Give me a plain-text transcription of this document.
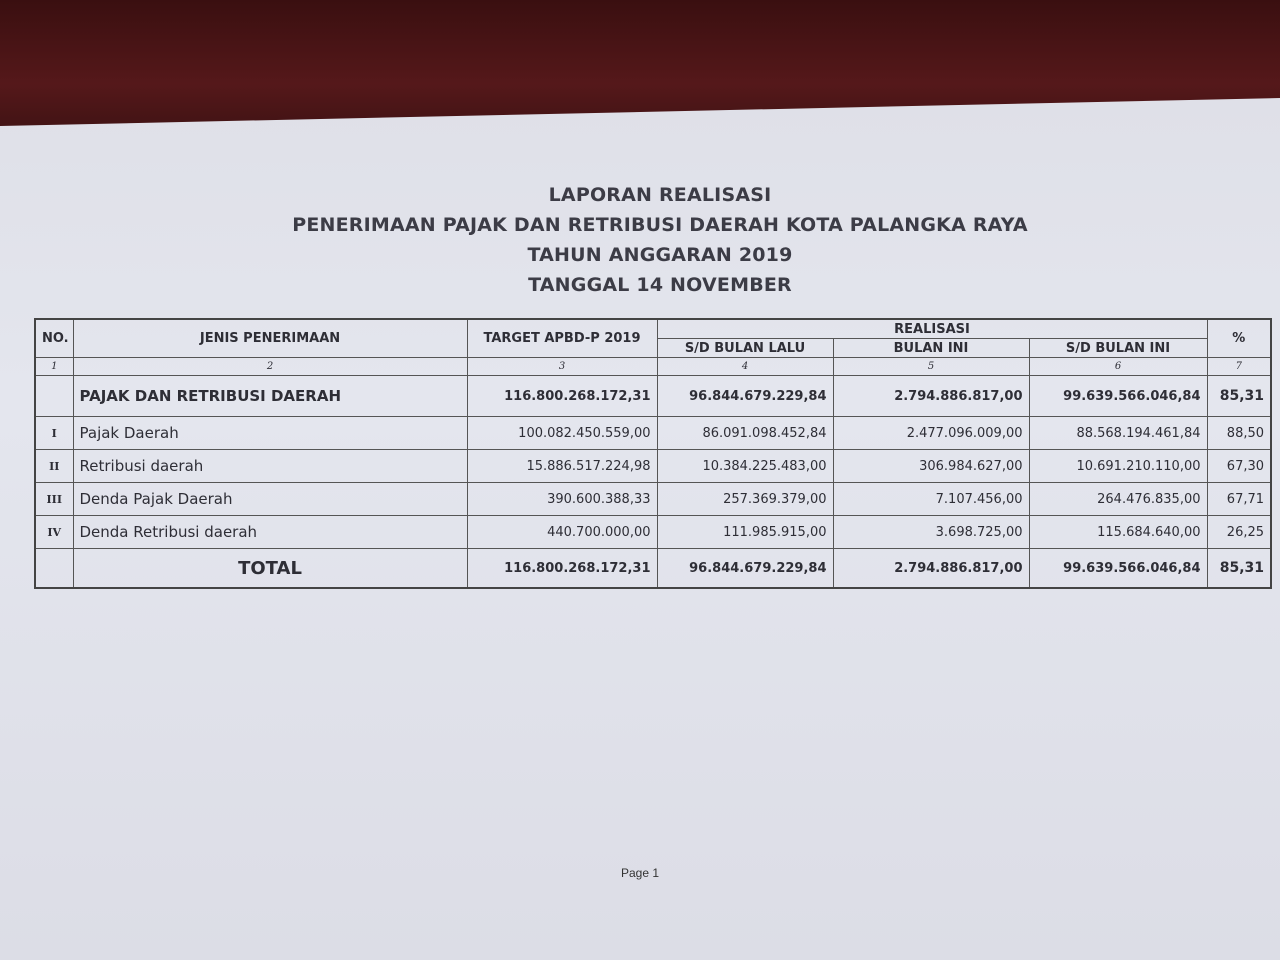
LAPORAN REALISASI
PENERIMAAN PAJAK DAN RETRIBUSI DAERAH KOTA PALANGKA RAYA
TAHUN ANGGARAN 2019
TANGGAL 14 NOVEMBER
NO.	JENIS PENERIMAAN	TARGET APBD-P 2019	REALISASI			%
			S/D BULAN LALU	BULAN INI	S/D BULAN INI	
1	2	3	4	5	6	7
	PAJAK DAN RETRIBUSI DAERAH	116.800.268.172,31	96.844.679.229,84	2.794.886.817,00	99.639.566.046,84	85,31
I	Pajak Daerah	100.082.450.559,00	86.091.098.452,84	2.477.096.009,00	88.568.194.461,84	88,50
II	Retribusi daerah	15.886.517.224,98	10.384.225.483,00	306.984.627,00	10.691.210.110,00	67,30
III	Denda Pajak Daerah	390.600.388,33	257.369.379,00	7.107.456,00	264.476.835,00	67,71
IV	Denda Retribusi daerah	440.700.000,00	111.985.915,00	3.698.725,00	115.684.640,00	26,25
	TOTAL	116.800.268.172,31	96.844.679.229,84	2.794.886.817,00	99.639.566.046,84	85,31
Page 1
